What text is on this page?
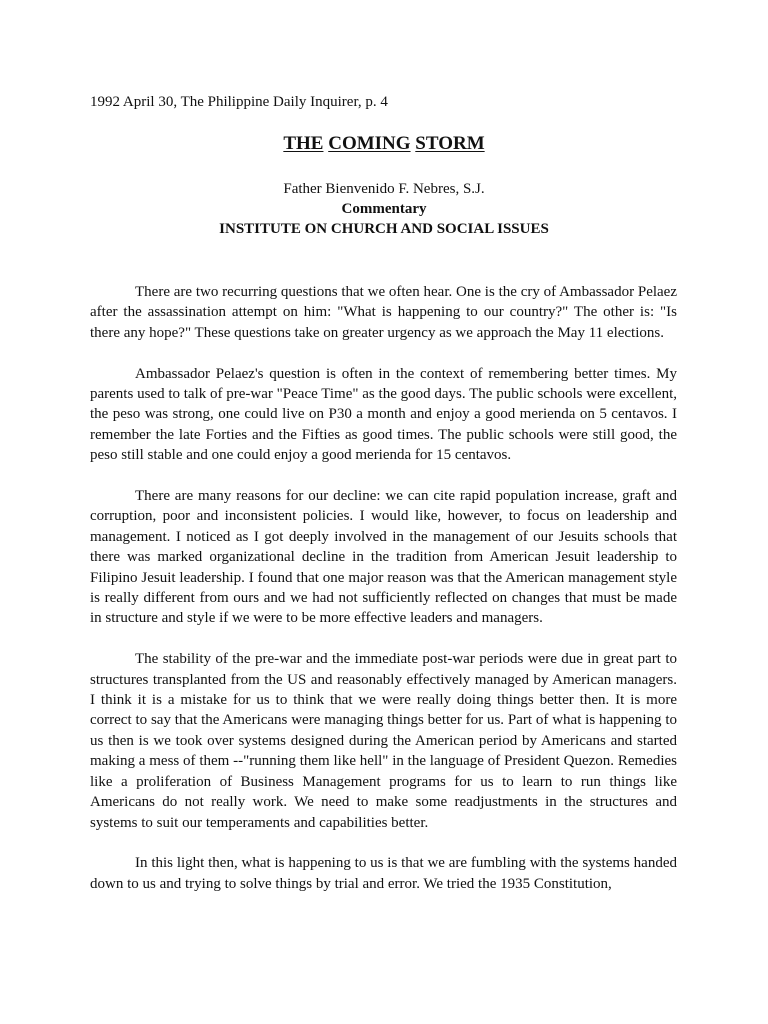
1992 April 30, The Philippine Daily Inquirer, p. 4
THE COMING STORM
Father Bienvenido F. Nebres, S.J.
Commentary
INSTITUTE ON CHURCH AND SOCIAL ISSUES

There are two recurring questions that we often hear. One is the cry of Ambassador Pelaez after the assassination attempt on him: "What is happening to our country?" The other is: "Is there any hope?" These questions take on greater urgency as we approach the May 11 elections.

Ambassador Pelaez's question is often in the context of remembering better times. My parents used to talk of pre-war "Peace Time" as the good days. The public schools were excellent, the peso was strong, one could live on P30 a month and enjoy a good merienda on 5 centavos. I remember the late Forties and the Fifties as good times. The public schools were still good, the peso still stable and one could enjoy a good merienda for 15 centavos.

There are many reasons for our decline: we can cite rapid population increase, graft and corruption, poor and inconsistent policies. I would like, however, to focus on leadership and management. I noticed as I got deeply involved in the management of our Jesuits schools that there was marked organizational decline in the tradition from American Jesuit leadership to Filipino Jesuit leadership. I found that one major reason was that the American management style is really different from ours and we had not sufficiently reflected on changes that must be made in structure and style if we were to be more effective leaders and managers.

The stability of the pre-war and the immediate post-war periods were due in great part to structures transplanted from the US and reasonably effectively managed by American managers. I think it is a mistake for us to think that we were really doing things better then. It is more correct to say that the Americans were managing things better for us. Part of what is happening to us then is we took over systems designed during the American period by Americans and started making a mess of them --"running them like hell" in the language of President Quezon. Remedies like a proliferation of Business Management programs for us to learn to run things like Americans do not really work. We need to make some readjustments in the structures and systems to suit our temperaments and capabilities better.

In this light then, what is happening to us is that we are fumbling with the systems handed down to us and trying to solve things by trial and error. We tried the 1935 Constitution,
